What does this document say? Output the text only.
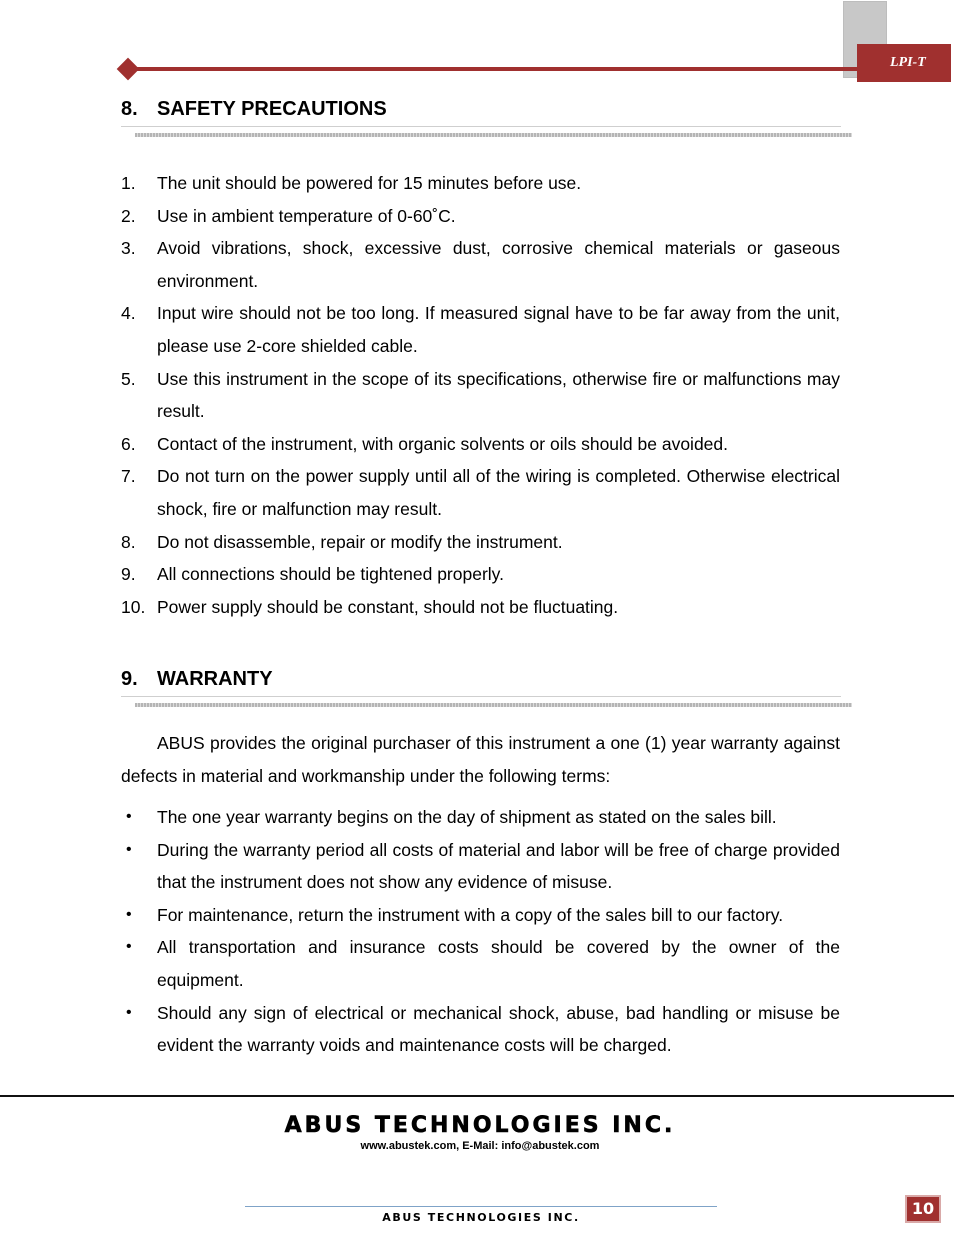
LPI-T
8. SAFETY PRECAUTIONS
1.	The unit should be powered for 15 minutes before use.
2.	Use in ambient temperature of 0-60˚C.
3.	Avoid vibrations, shock, excessive dust, corrosive chemical materials or gaseous environment.
4.	Input wire should not be too long. If measured signal have to be far away from the unit, please use 2-core shielded cable.
5.	Use this instrument in the scope of its specifications, otherwise fire or malfunctions may result.
6.	Contact of the instrument, with organic solvents or oils should be avoided.
7.	Do not turn on the power supply until all of the wiring is completed. Otherwise electrical shock, fire or malfunction may result.
8.	Do not disassemble, repair or modify the instrument.
9.	All connections should be tightened properly.
10. Power supply should be constant, should not be fluctuating.
9. WARRANTY

ABUS provides the original purchaser of this instrument a one (1) year warranty against defects in material and workmanship under the following terms:

•	The one year warranty begins on the day of shipment as stated on the sales bill.
•	During the warranty period all costs of material and labor will be free of charge provided that the instrument does not show any evidence of misuse.
•	For maintenance, return the instrument with a copy of the sales bill to our factory.
•	All transportation and insurance costs should be covered by the owner of the equipment.
•	Should any sign of electrical or mechanical shock, abuse, bad handling or misuse be evident the warranty voids and maintenance costs will be charged.
ABUS TECHNOLOGIES INC.
www.abustek.com, E-Mail: info@abustek.com
ABUS TECHNOLOGIES INC.	10
